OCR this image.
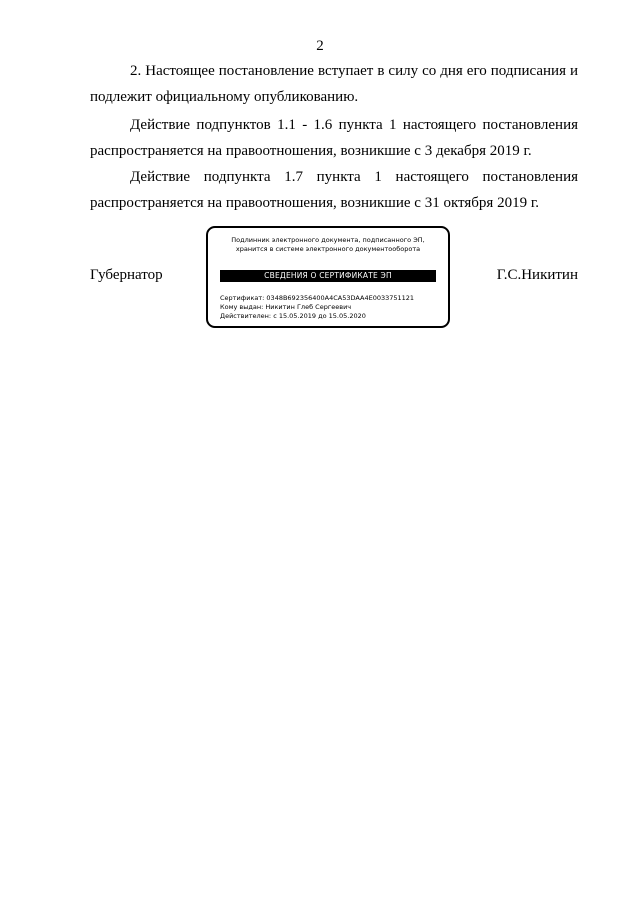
2
2. Настоящее постановление вступает в силу со дня его подписания и подлежит официальному опубликованию.
Действие подпунктов 1.1 - 1.6 пункта 1 настоящего постановления распространяется на правоотношения, возникшие с 3 декабря 2019 г.
Действие подпункта 1.7 пункта 1 настоящего постановления распространяется на правоотношения, возникшие с 31 октября 2019 г.
Губернатор	Г.С.Никитин
Подлинник электронного документа, подписанного ЭП,
хранится в системе электронного документооборота
СВЕДЕНИЯ О СЕРТИФИКАТЕ ЭП
Сертификат: 0348B692356400A4CA53DAA4E0033751121
Кому выдан: Никитин Глеб Сергеевич
Действителен: с 15.05.2019 до 15.05.2020
